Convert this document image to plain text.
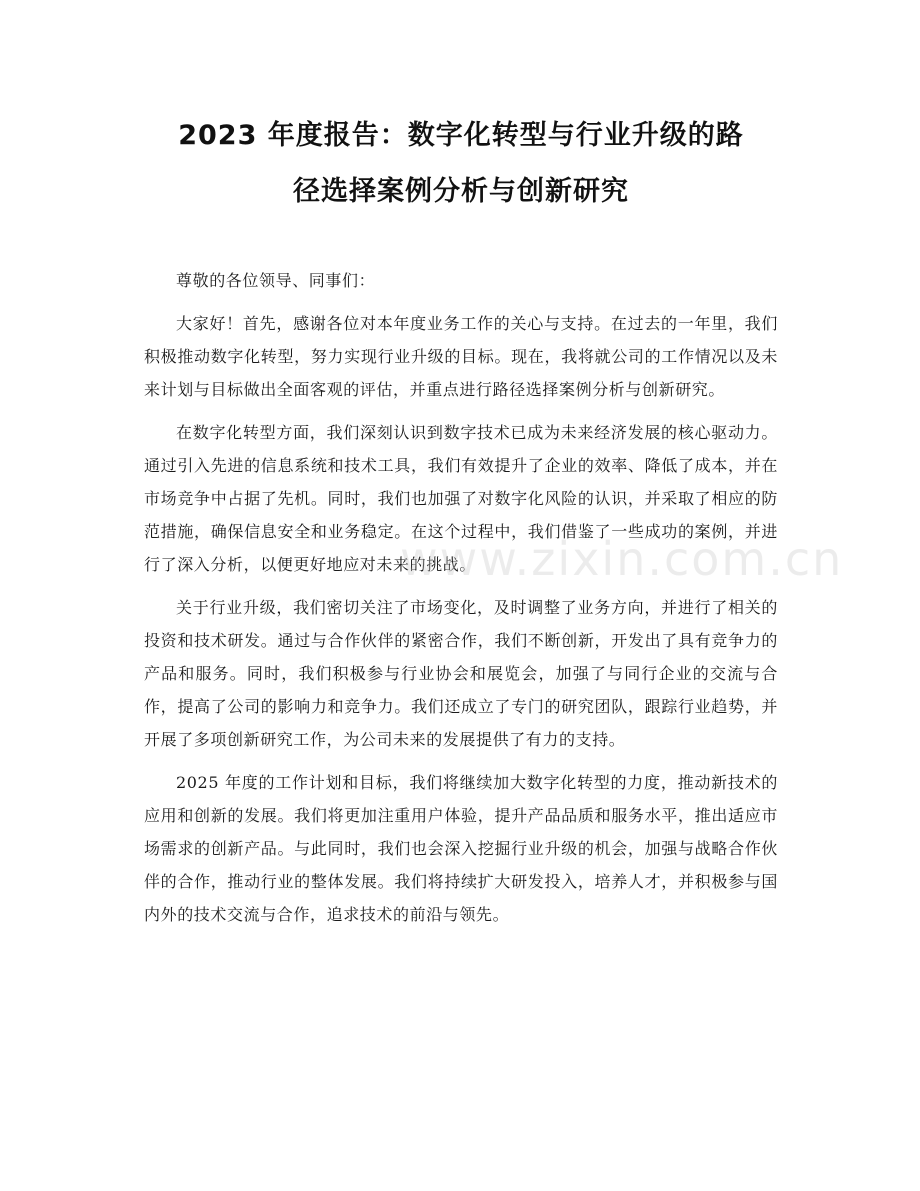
2023 年度报告：数字化转型与行业升级的路
径选择案例分析与创新研究

尊敬的各位领导、同事们：

大家好！首先，感谢各位对本年度业务工作的关心与支持。在过去的一年里，我们积极推动数字化转型，努力实现行业升级的目标。现在，我将就公司的工作情况以及未来计划与目标做出全面客观的评估，并重点进行路径选择案例分析与创新研究。

在数字化转型方面，我们深刻认识到数字技术已成为未来经济发展的核心驱动力。通过引入先进的信息系统和技术工具，我们有效提升了企业的效率、降低了成本，并在市场竞争中占据了先机。同时，我们也加强了对数字化风险的认识，并采取了相应的防范措施，确保信息安全和业务稳定。在这个过程中，我们借鉴了一些成功的案例，并进行了深入分析，以便更好地应对未来的挑战。

关于行业升级，我们密切关注了市场变化，及时调整了业务方向，并进行了相关的投资和技术研发。通过与合作伙伴的紧密合作，我们不断创新，开发出了具有竞争力的产品和服务。同时，我们积极参与行业协会和展览会，加强了与同行企业的交流与合作，提高了公司的影响力和竞争力。我们还成立了专门的研究团队，跟踪行业趋势，并开展了多项创新研究工作，为公司未来的发展提供了有力的支持。

2025 年度的工作计划和目标，我们将继续加大数字化转型的力度，推动新技术的应用和创新的发展。我们将更加注重用户体验，提升产品品质和服务水平，推出适应市场需求的创新产品。与此同时，我们也会深入挖掘行业升级的机会，加强与战略合作伙伴的合作，推动行业的整体发展。我们将持续扩大研发投入，培养人才，并积极参与国内外的技术交流与合作，追求技术的前沿与领先。

www.zixin.com.cn
